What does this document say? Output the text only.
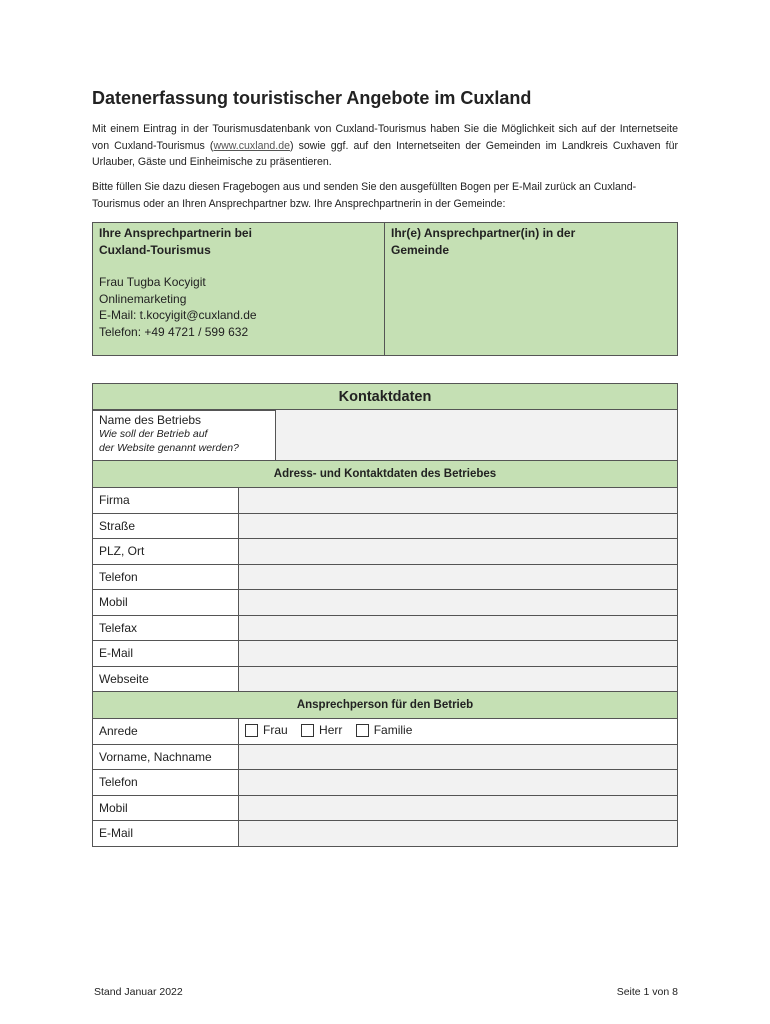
Datenerfassung touristischer Angebote im Cuxland
Mit einem Eintrag in der Tourismusdatenbank von Cuxland-Tourismus haben Sie die Möglichkeit sich auf der Internetseite von Cuxland-Tourismus (www.cuxland.de) sowie ggf. auf den Internetseiten der Gemeinden im Landkreis Cuxhaven für Urlauber, Gäste und Einheimische zu präsentieren.
Bitte füllen Sie dazu diesen Fragebogen aus und senden Sie den ausgefüllten Bogen per E-Mail zurück an Cuxland-Tourismus oder an Ihren Ansprechpartner bzw. Ihre Ansprechpartnerin in der Gemeinde:
Ihre Ansprechpartnerin bei
Cuxland-Tourismus
Frau Tugba Kocyigit
Onlinemarketing
E-Mail: t.kocyigit@cuxland.de
Telefon: +49 4721 / 599 632
Ihr(e) Ansprechpartner(in) in der
Gemeinde
Kontaktdaten
Name des Betriebs
Wie soll der Betrieb auf
der Website genannt werden?

Adress- und Kontaktdaten des Betriebes	
Firma	
Straße	
PLZ, Ort	
Telefon	
Mobil	
Telefax	
E-Mail	
Webseite	
Ansprechperson für den Betrieb	
Anrede	Frau
Herr
Familie

Vorname, Nachname	
Telefon	
Mobil	
E-Mail	
Stand Januar 2022	Seite 1 von 8
